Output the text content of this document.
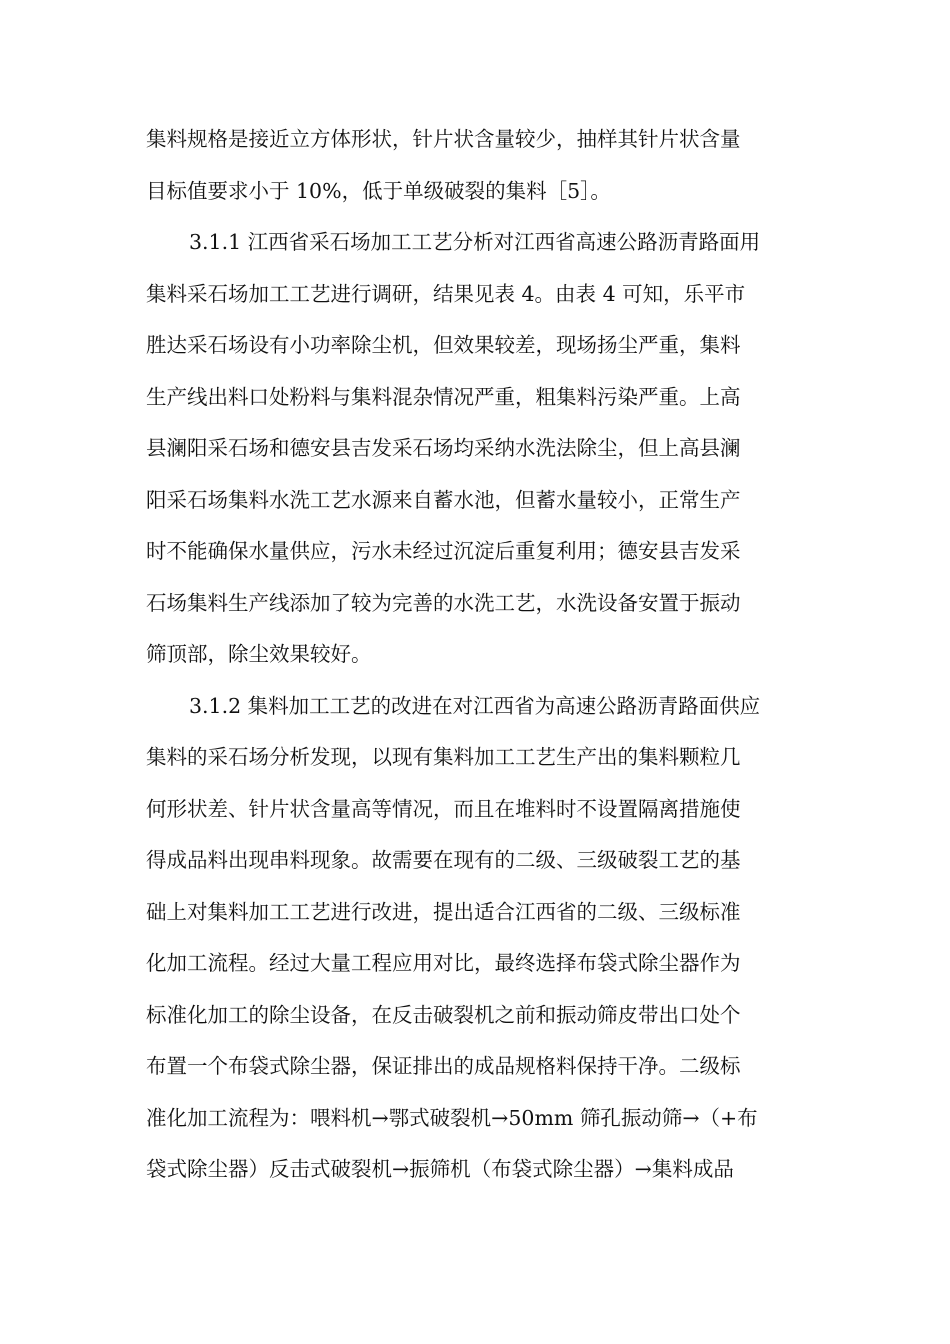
集料规格是接近立方体形状，针片状含量较少，抽样其针片状含量
目标值要求小于 10%，低于单级破裂的集料［5］。
3.1.1 江西省采石场加工工艺分析对江西省高速公路沥青路面用
集料采石场加工工艺进行调研，结果见表 4。由表 4 可知，乐平市
胜达采石场设有小功率除尘机，但效果较差，现场扬尘严重，集料
生产线出料口处粉料与集料混杂情况严重，粗集料污染严重。上高
县澜阳采石场和德安县吉发采石场均采纳水洗法除尘，但上高县澜
阳采石场集料水洗工艺水源来自蓄水池，但蓄水量较小，正常生产
时不能确保水量供应，污水未经过沉淀后重复利用；德安县吉发采
石场集料生产线添加了较为完善的水洗工艺，水洗设备安置于振动
筛顶部，除尘效果较好。
3.1.2 集料加工工艺的改进在对江西省为高速公路沥青路面供应
集料的采石场分析发现，以现有集料加工工艺生产出的集料颗粒几
何形状差、针片状含量高等情况，而且在堆料时不设置隔离措施使
得成品料出现串料现象。故需要在现有的二级、三级破裂工艺的基
础上对集料加工工艺进行改进，提出适合江西省的二级、三级标准
化加工流程。经过大量工程应用对比，最终选择布袋式除尘器作为
标准化加工的除尘设备，在反击破裂机之前和振动筛皮带出口处个
布置一个布袋式除尘器，保证排出的成品规格料保持干净。二级标
准化加工流程为：喂料机→鄂式破裂机→50mm 筛孔振动筛→（+布
袋式除尘器）反击式破裂机→振筛机（布袋式除尘器）→集料成品
